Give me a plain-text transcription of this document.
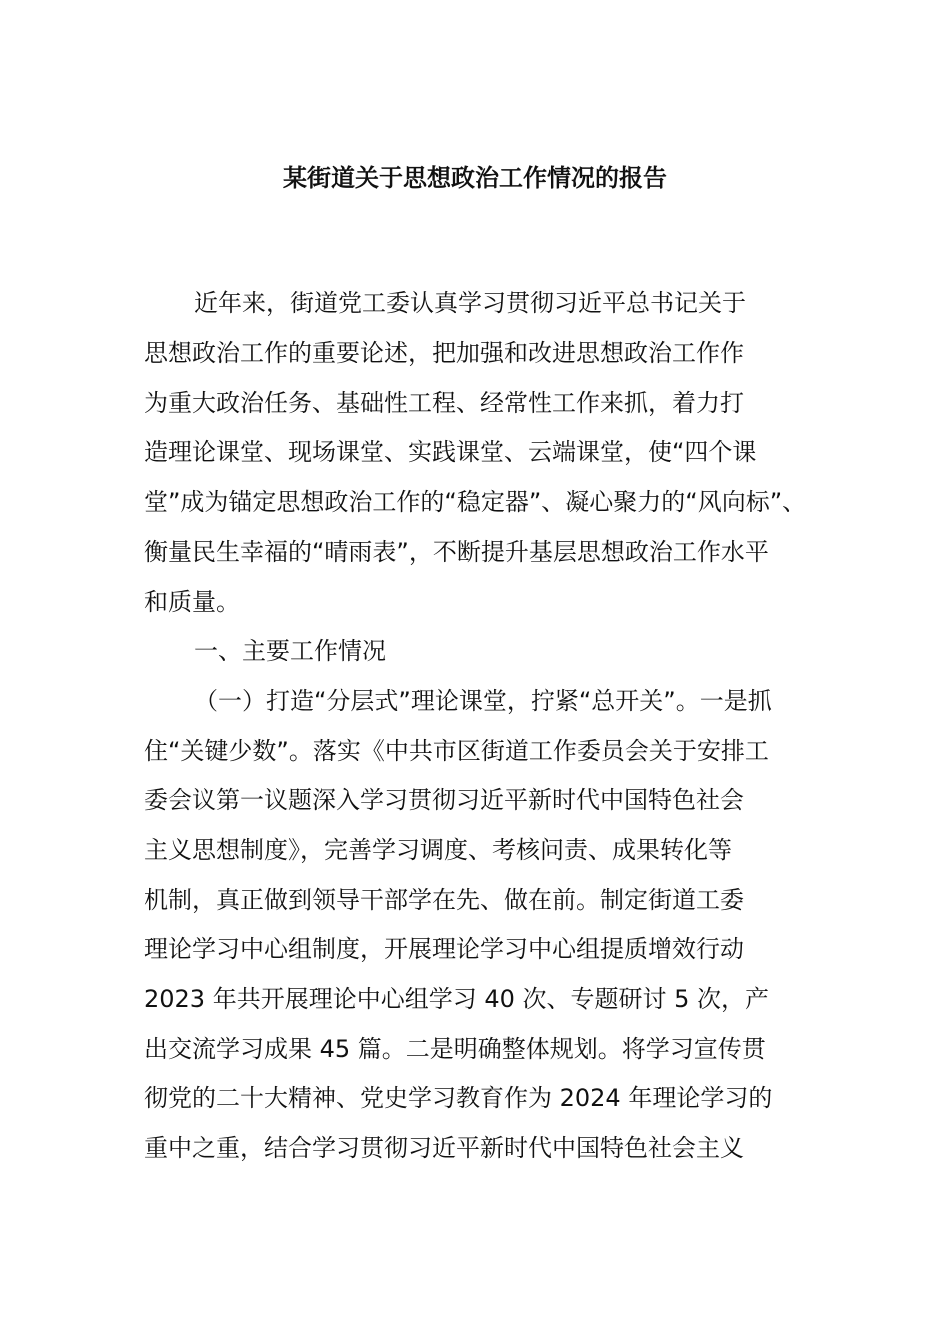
某街道关于思想政治工作情况的报告
近年来，街道党工委认真学习贯彻习近平总书记关于
思想政治工作的重要论述，把加强和改进思想政治工作作
为重大政治任务、基础性工程、经常性工作来抓，着力打
造理论课堂、现场课堂、实践课堂、云端课堂，使“四个课
堂”成为锚定思想政治工作的“稳定器”、凝心聚力的“风向标”、
衡量民生幸福的“晴雨表”，不断提升基层思想政治工作水平
和质量。
一、主要工作情况
（一）打造“分层式”理论课堂，拧紧“总开关”。一是抓
住“关键少数”。落实《中共市区街道工作委员会关于安排工
委会议第一议题深入学习贯彻习近平新时代中国特色社会
主义思想制度》，完善学习调度、考核问责、成果转化等
机制，真正做到领导干部学在先、做在前。制定街道工委
理论学习中心组制度，开展理论学习中心组提质增效行动
2023 年共开展理论中心组学习 40 次、专题研讨 5 次，产
出交流学习成果 45 篇。二是明确整体规划。将学习宣传贯
彻党的二十大精神、党史学习教育作为 2024 年理论学习的
重中之重，结合学习贯彻习近平新时代中国特色社会主义
